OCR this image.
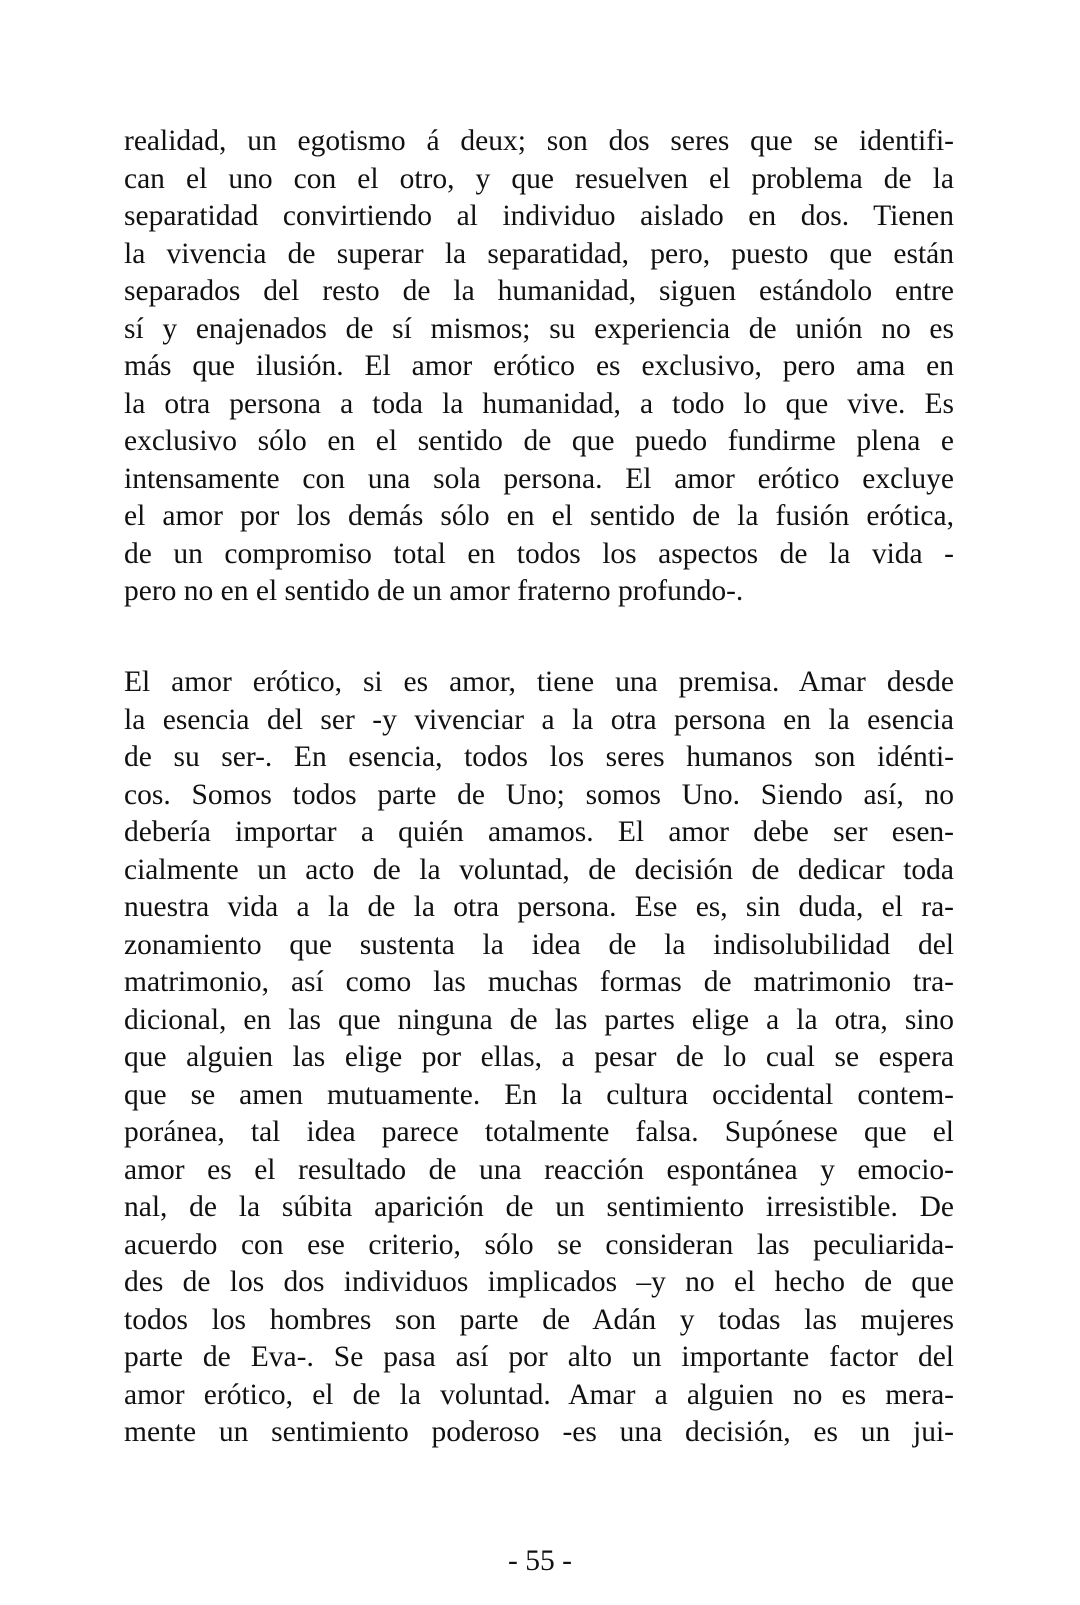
realidad, un egotismo á deux; son dos seres que se identifi-
can el uno con el otro, y que resuelven el problema de la
separatidad convirtiendo al individuo aislado en dos. Tienen
la vivencia de superar la separatidad, pero, puesto que están
separados del resto de la humanidad, siguen estándolo entre
sí y enajenados de sí mismos; su experiencia de unión no es
más que ilusión. El amor erótico es exclusivo, pero ama en
la otra persona a toda la humanidad, a todo lo que vive. Es
exclusivo sólo en el sentido de que puedo fundirme plena e
intensamente con una sola persona. El amor erótico excluye
el amor por los demás sólo en el sentido de la fusión erótica,
de un compromiso total en todos los aspectos de la vida -
pero no en el sentido de un amor fraterno profundo-.
El amor erótico, si es amor, tiene una premisa. Amar desde
la esencia del ser -y vivenciar a la otra persona en la esencia
de su ser-. En esencia, todos los seres humanos son idénti-
cos. Somos todos parte de Uno; somos Uno. Siendo así, no
debería importar a quién amamos. El amor debe ser esen-
cialmente un acto de la voluntad, de decisión de dedicar toda
nuestra vida a la de la otra persona. Ese es, sin duda, el ra-
zonamiento que sustenta la idea de la indisolubilidad del
matrimonio, así como las muchas formas de matrimonio tra-
dicional, en las que ninguna de las partes elige a la otra, sino
que alguien las elige por ellas, a pesar de lo cual se espera
que se amen mutuamente. En la cultura occidental contem-
poránea, tal idea parece totalmente falsa. Supónese que el
amor es el resultado de una reacción espontánea y emocio-
nal, de la súbita aparición de un sentimiento irresistible. De
acuerdo con ese criterio, sólo se consideran las peculiarida-
des de los dos individuos implicados –y no el hecho de que
todos los hombres son parte de Adán y todas las mujeres
parte de Eva-. Se pasa así por alto un importante factor del
amor erótico, el de la voluntad. Amar a alguien no es mera-
mente un sentimiento poderoso -es una decisión, es un jui-
- 55 -
